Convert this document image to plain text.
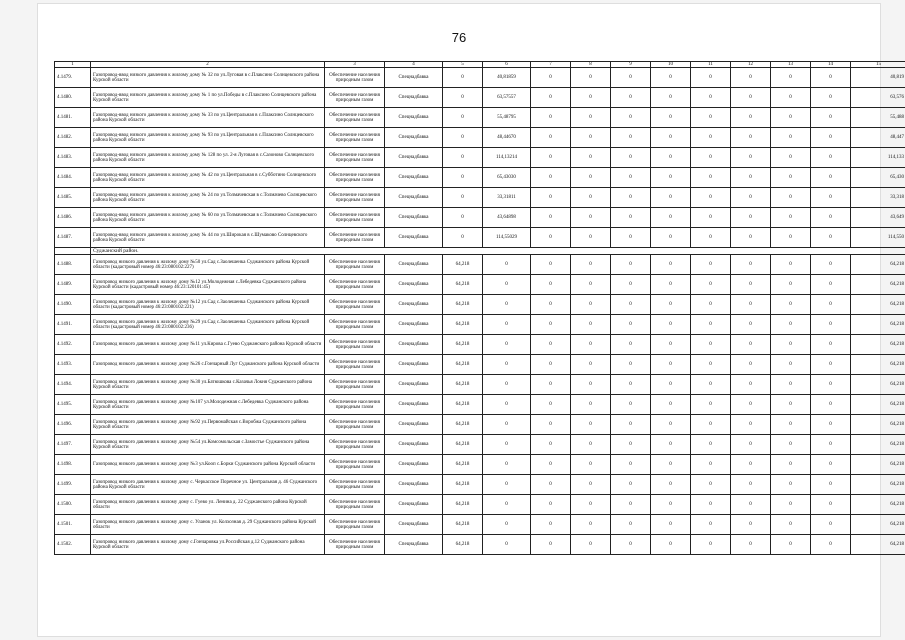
76
1	2	3	4	5	6	7	8	9	10	11	12	13	14	15
4.1479.	Газопровод-ввод низкого давления к жилому дому № 32 по ул.Луговая в с.Плаксино Солнцевского района Курской области	Обеспечение населения природным газом	Спецнадбавка	0	40,81859	0	0	0	0	0	0	0	0	40,819
4.1480.	Газопровод-ввод низкого давления к жилому дому № 1 по ул.Победы в с.Плаксино Солнцевского района Курской области	Обеспечение населения природным газом	Спецнадбавка	0	63,57557	0	0	0	0	0	0	0	0	63,576
4.1481.	Газопровод-ввод низкого давления к жилому дому № 33 по ул.Центральная в с.Плаксино Солнцевского района Курской области	Обеспечение населения природным газом	Спецнадбавка	0	55,48795	0	0	0	0	0	0	0	0	55,488
4.1482.	Газопровод-ввод низкого давления к жилому дому № 93 по ул.Центральная в с.Плаксино Солнцевского района Курской области	Обеспечение населения природным газом	Спецнадбавка	0	48,44670	0	0	0	0	0	0	0	0	48,447
4.1483.	Газопровод-ввод низкого давления к жилому дому № 128 по ул. 2-я Луговая в с.Сазоново Солнцевского района Курской области	Обеспечение населения природным газом	Спецнадбавка	0	114,13214	0	0	0	0	0	0	0	0	114,133
4.1484.	Газопровод-ввод низкого давления к жилому дому № 42 по ул.Центральная в с.Субботино Солнцевского района Курской области	Обеспечение населения природным газом	Спецнадбавка	0	65,43030	0	0	0	0	0	0	0	0	65,430
4.1485.	Газопровод-ввод низкого давления к жилому дому № 24 по ул.Толмачевская в с.Толмачево Солнцевского района Курской области	Обеспечение населения природным газом	Спецнадбавка	0	33,31811	0	0	0	0	0	0	0	0	33,318
4.1486.	Газопровод-ввод низкого давления к жилому дому № 60 по ул.Толмачевская в с.Толмачево Солнцевского района Курской области	Обеспечение населения природным газом	Спецнадбавка	0	43,64898	0	0	0	0	0	0	0	0	43,649
4.1487.	Газопровод-ввод низкого давления к жилому дому № 44 по ул.Широкая в с.Шумаково Солнцевского района Курской области	Обеспечение населения природным газом	Спецнадбавка	0	114,55029	0	0	0	0	0	0	0	0	114,550
	Суджанский район.													
4.1488.	Газопровод низкого давления к жилому дому №50 ул.Сад с.Заолешенка Суджанского района Курской области (кадастровый номер 46:23:080102:227)	Обеспечение населения природным газом	Спецнадбавка	64,218	0	0	0	0	0	0	0	0	0	64,218
4.1489.	Газопровод низкого давления к жилому дому №12 ул.Молодежная с.Лебедевка Суджанского района Курской области (кадастровый номер 46:23:120101:45)	Обеспечение населения природным газом	Спецнадбавка	64,218	0	0	0	0	0	0	0	0	0	64,218
4.1490.	Газопровод низкого давления к жилому дому №12 ул.Сад с.Заолешенка Суджанского района Курской области (кадастровый номер 46:23:080102:221)	Обеспечение населения природным газом	Спецнадбавка	64,218	0	0	0	0	0	0	0	0	0	64,218
4.1491.	Газопровод низкого давления к жилому дому №29 ул.Сад с.Заолешенка Суджанского района Курской области (кадастровый номер 46:23:080102:236)	Обеспечение населения природным газом	Спецнадбавка	64,218	0	0	0	0	0	0	0	0	0	64,218
4.1492.	Газопровод низкого давления к жилому дому №11 ул.Кирова с.Гуево Суджанского района Курской области	Обеспечение населения природным газом	Спецнадбавка	64,218	0	0	0	0	0	0	0	0	0	64,218
4.1493.	Газопровод низкого давления к жилому дому №26 с.Гончарный Луг Суджанского района Курской области	Обеспечение населения природным газом	Спецнадбавка	64,218	0	0	0	0	0	0	0	0	0	64,218
4.1494.	Газопровод низкого давления к жилому дому №30 ул.Батюшкова с.Казачья Локня Суджанского района Курской области	Обеспечение населения природным газом	Спецнадбавка	64,218	0	0	0	0	0	0	0	0	0	64,218
4.1495.	Газопровод низкого давления к жилому дому №107 ул.Молодежная с.Лебедевка Суджанского района Курской области	Обеспечение населения природным газом	Спецнадбавка	64,218	0	0	0	0	0	0	0	0	0	64,218
4.1496.	Газопровод низкого давления к жилому дому №92 ул.Первомайская с.Воробжа Суджанского района Курской области	Обеспечение населения природным газом	Спецнадбавка	64,218	0	0	0	0	0	0	0	0	0	64,218
4.1497.	Газопровод низкого давления к жилому дому №54 ул.Комсомольская с.Замостье Суджанского района Курской области	Обеспечение населения природным газом	Спецнадбавка	64,218	0	0	0	0	0	0	0	0	0	64,218
4.1498.	Газопровод низкого давления к жилому дому №3 ул.Кооп с.Борки Суджанского района Курской области	Обеспечение населения природным газом	Спецнадбавка	64,218	0	0	0	0	0	0	0	0	0	64,218
4.1499.	Газопровод низкого давления к жилому дому с. Черкасское Поречное ул. Центральная д. 46 Суджанского района Курской области	Обеспечение населения природным газом	Спецнадбавка	64,218	0	0	0	0	0	0	0	0	0	64,218
4.1500.	Газопровод низкого давления к жилому дому с. Гуево ул. Ленина д. 22 Суджанского района Курской области	Обеспечение населения природным газом	Спецнадбавка	64,218	0	0	0	0	0	0	0	0	0	64,218
4.1501.	Газопровод низкого давления к жилому дому с. Уланок ул. Колхозная д. 29 Суджанского района Курской области	Обеспечение населения природным газом	Спецнадбавка	64,218	0	0	0	0	0	0	0	0	0	64,218
4.1502.	Газопровод низкого давления к жилому дому с.Гончаровка ул.Российская д.12 Суджанского района Курской области	Обеспечение населения природным газом	Спецнадбавка	64,218	0	0	0	0	0	0	0	0	0	64,218
